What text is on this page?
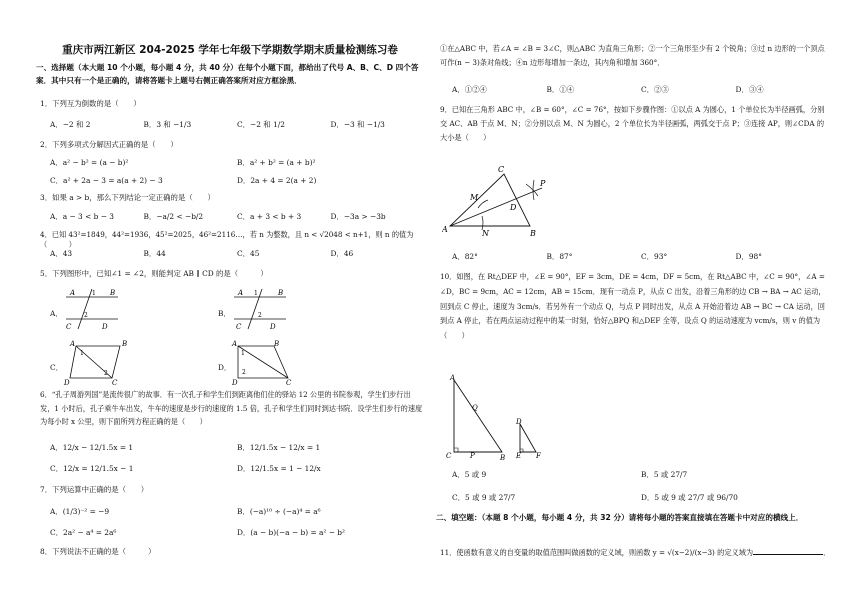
重庆市两江新区 204-2025 学年七年级下学期数学期末质量检测练习卷
一、选择题（本大题 10 个小题，每小题 4 分，共 40 分）在每个小题下面，都给出了代号 A、B、C、D 四个答案．其中只有一个是正确的，请将答题卡上题号右侧正确答案所对应方框涂黑．
1．下列互为倒数的是（　　）
A．−2 和 2	B．3 和 −1/3	C．−2 和 1/2	D．−3 和 −1/3
2．下列多项式分解因式正确的是（　　）
A．a² − b² = (a − b)²	B．a² + b² = (a + b)²
C．a² + 2a − 3 = a(a + 2) − 3	D．2a + 4 = 2(a + 2)
3．如果 a > b，那么下列结论一定正确的是（　　）
A．a − 3 < b − 3	B．−a/2 < −b/2	C．a + 3 < b + 3	D．−3a > −3b
4．已知 43²=1849，44²=1936，45²=2025，46²=2116…，若 n 为整数，且 n < √2048 < n+1，则 n 的值为（　　　）
A．43	B．44	C．45	D．46
5．下列图形中，已知∠1 = ∠2，则能判定 AB ∥ CD 的是（　　　）
A．	B．
C．	D．
A	B
C	D
1
2
A	B
C	D
1
2
A	B
D	C
1
2
A	B
D	C
1
2
6．“孔子周游列国”是流传很广的故事．有一次孔子和学生们到距离他们住的驿站 12 公里的书院参观，学生们步行出发，1 小时后，孔子乘牛车出发，牛车的速度是步行的速度的 1.5 倍，孔子和学生们同时到达书院．设学生们步行的速度为每小时 x 公里，则下面所列方程正确的是（　　）
A．12/x − 12/1.5x = 1	B．12/1.5x − 12/x = 1
C．12/x = 12/1.5x − 1	D．12/1.5x = 1 − 12/x
7．下列运算中正确的是（　　）
A．(1/3)⁻² = −9	B．(−a)¹⁰ ÷ (−a)⁴ = a⁶
C．2a² − a⁴ = 2a⁶	D．(a − b)(−a − b) = a² − b²
8．下列说法不正确的是（　　　）
①在△ABC 中，若∠A = ∠B = 3∠C，则△ABC 为直角三角形；②一个三角形至少有 2 个锐角；③过 n 边形的一个顶点可作(n − 3)条对角线；④n 边形每增加一条边，其内角和增加 360°．
A．①②④	B．①④	C．②③	D．③④
9．已知在三角形 ABC 中，∠B = 60°，∠C = 76°，按如下步骤作图：①以点 A 为圆心，1 个单位长为半径画弧，分别交 AC、AB 于点 M、N；②分别以点 M、N 为圆心，2 个单位长为半径画弧，两弧交于点 P；③连接 AP，则∠CDA 的大小是（　　）
A	B
C
D
M
N
P
A．82°	B．87°	C．93°	D．98°
10．如图，在 Rt△DEF 中，∠E = 90°，EF = 3cm，DE = 4cm，DF = 5cm，在 Rt△ABC 中，∠C = 90°，∠A = ∠D，BC = 9cm，AC = 12cm，AB = 15cm．现有一动点 P，从点 C 出发，沿着三角形的边 CB → BA → AC 运动，回到点 C 停止，速度为 3cm/s．若另外有一个动点 Q，与点 P 同时出发，从点 A 开始沿着边 AB → BC → CA 运动，回到点 A 停止，若在两点运动过程中的某一时刻，恰好△BPQ 和△DEF 全等，设点 Q 的运动速度为 vcm/s，则 v 的值为（　　）
A
B
C
D
E F
P
Q
A．5 或 9	B．5 或 27/7
C．5 或 9 或 27/7	D．5 或 9 或 27/7 或 96/70
二、填空题：（本题 8 个小题，每小题 4 分，共 32 分）请将每小题的答案直接填在答题卡中对应的横线上．
11．使函数有意义的自变量的取值范围叫做函数的定义域，则函数 y = √(x−2)/(x−3) 的定义域为	．
